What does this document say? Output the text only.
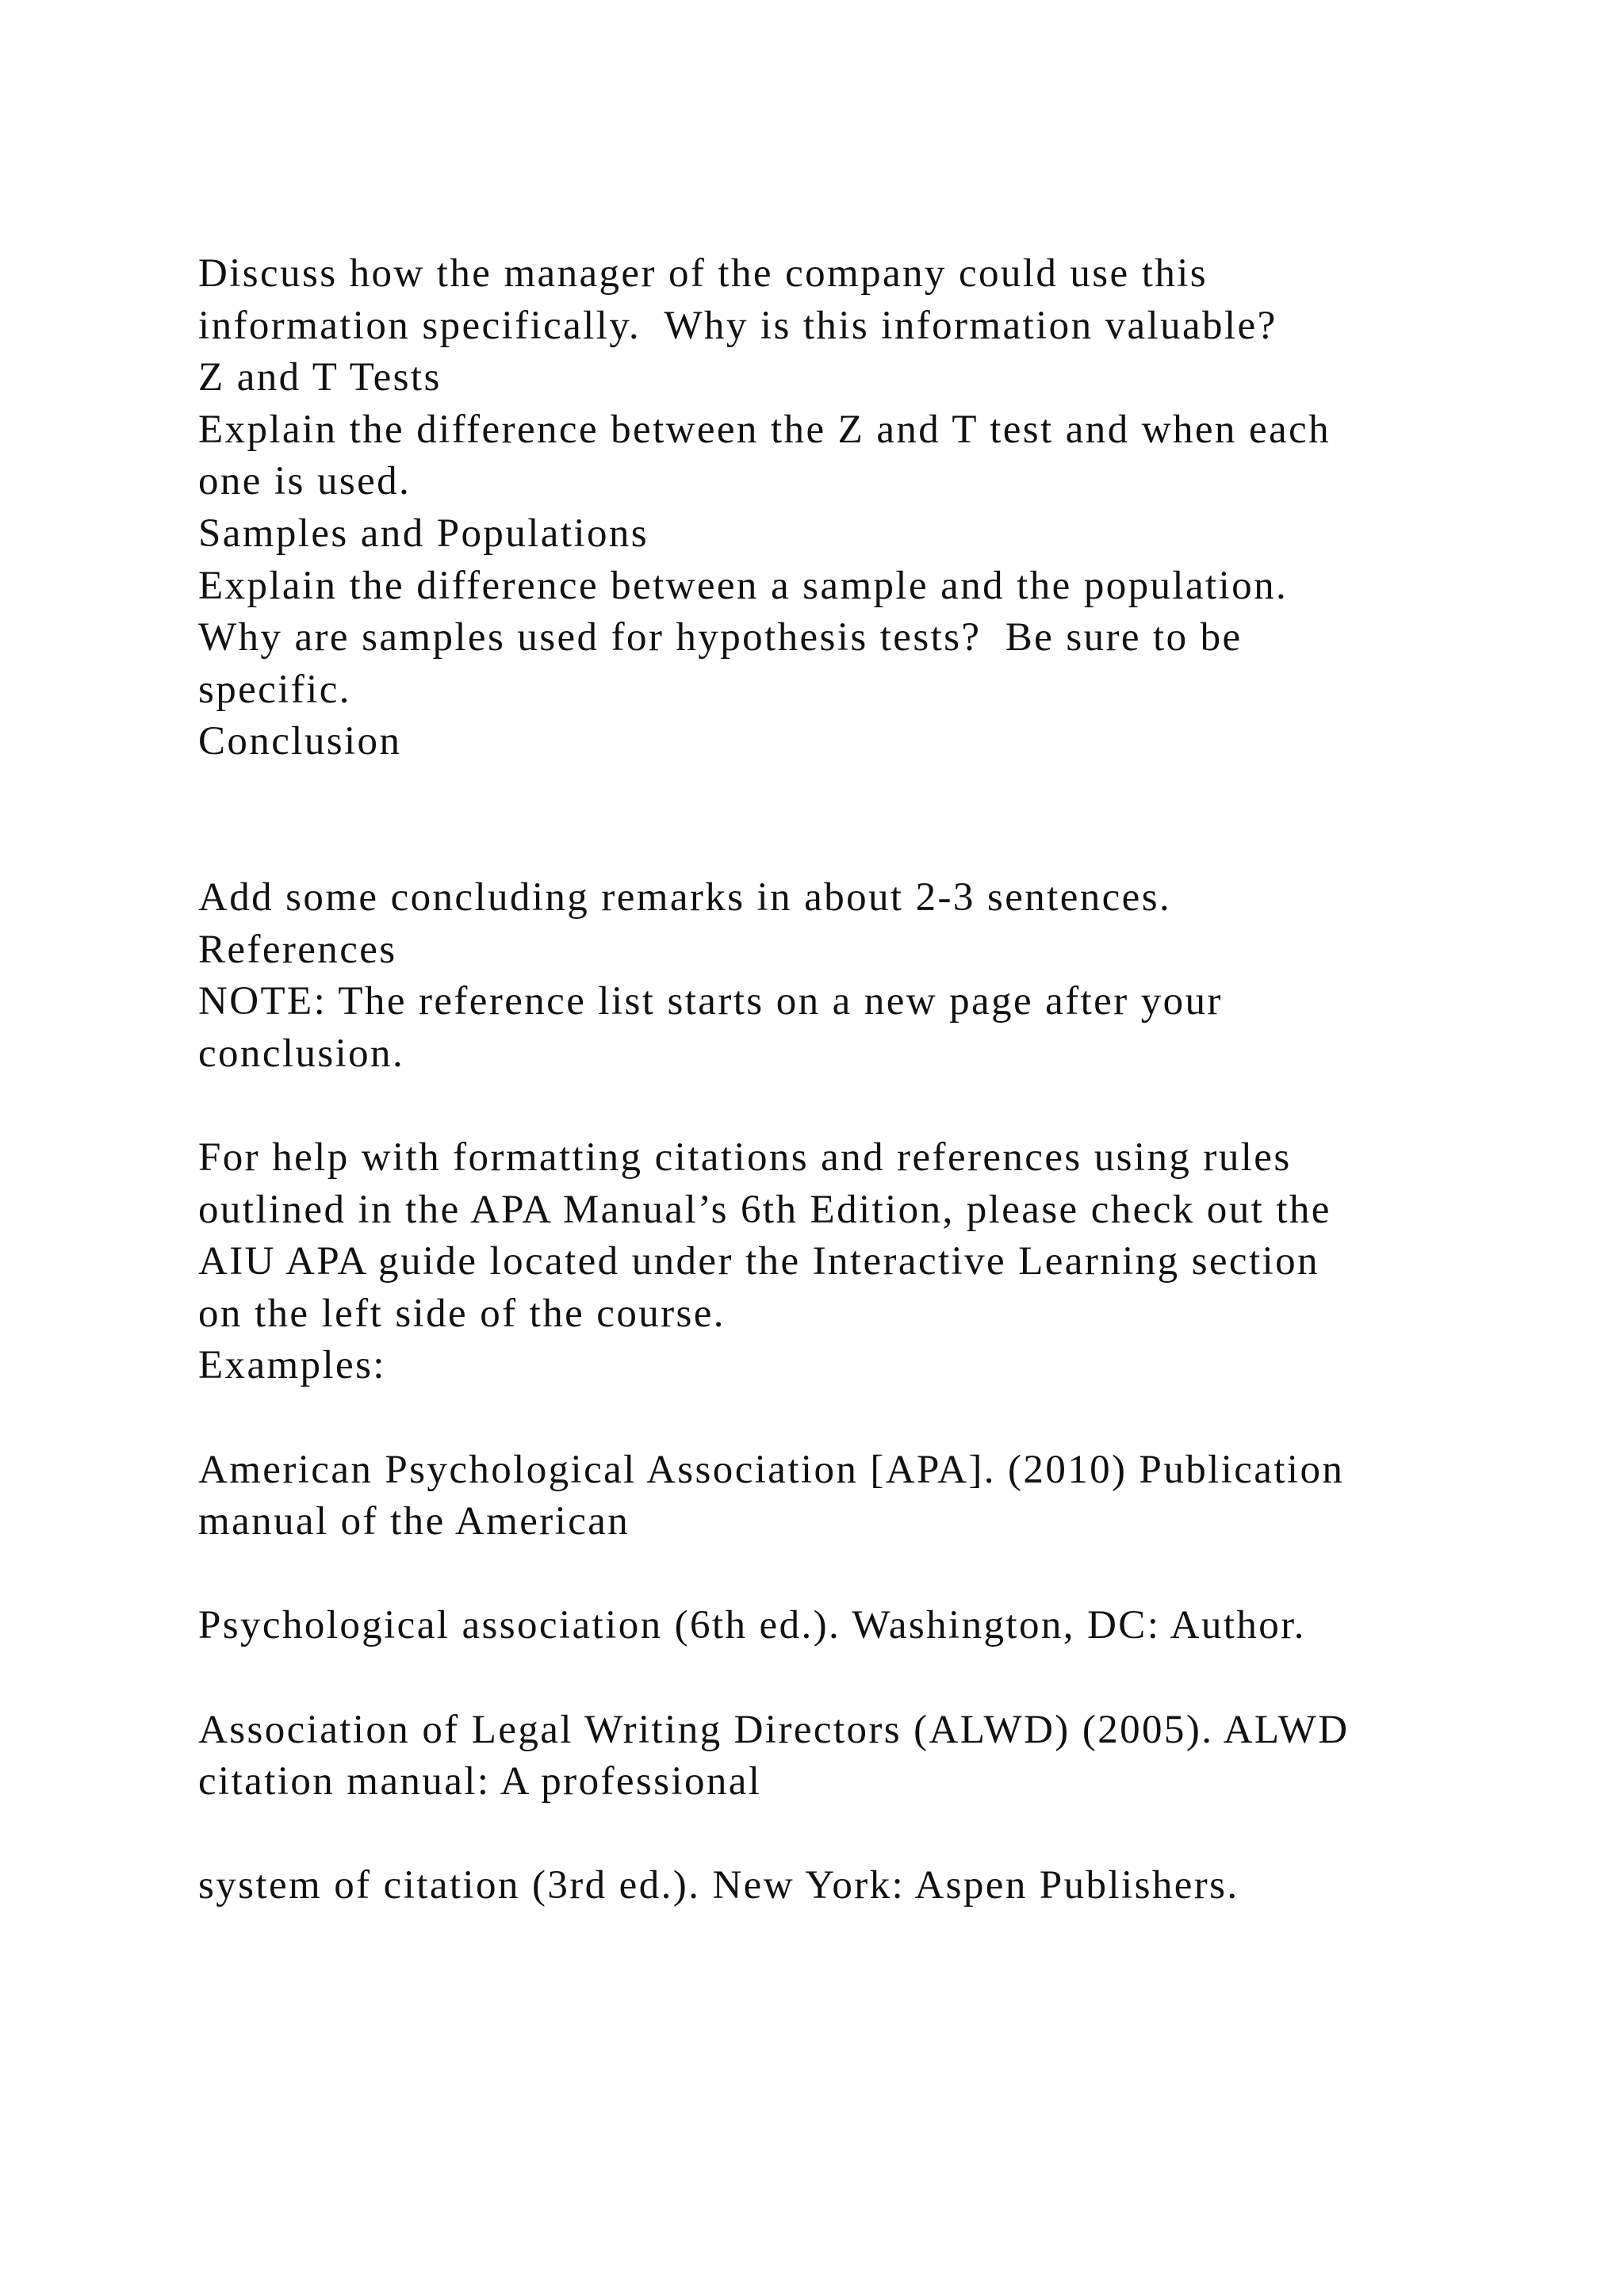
Discuss how the manager of the company could use this
information specifically.  Why is this information valuable?
Z and T Tests
Explain the difference between the Z and T test and when each
one is used.
Samples and Populations
Explain the difference between a sample and the population.
Why are samples used for hypothesis tests?  Be sure to be
specific.
Conclusion
Add some concluding remarks in about 2-3 sentences.
References
NOTE: The reference list starts on a new page after your
conclusion.
For help with formatting citations and references using rules
outlined in the APA Manual’s 6th Edition, please check out the
AIU APA guide located under the Interactive Learning section
on the left side of the course.
Examples:
American Psychological Association [APA]. (2010) Publication
manual of the American
Psychological association (6th ed.). Washington, DC: Author.
Association of Legal Writing Directors (ALWD) (2005). ALWD
citation manual: A professional
system of citation (3rd ed.). New York: Aspen Publishers.
